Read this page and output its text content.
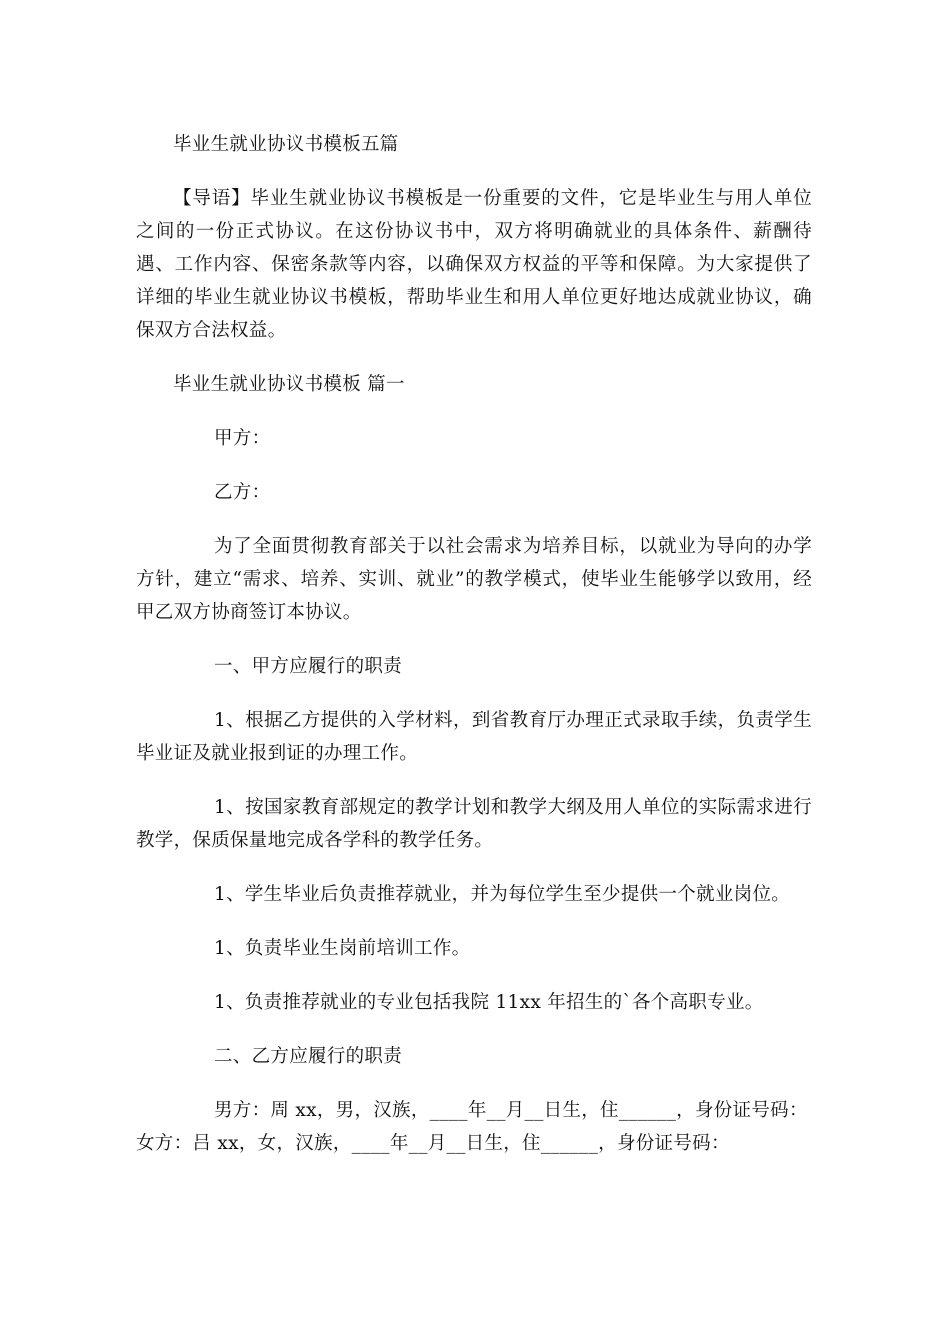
毕业生就业协议书模板五篇

【导语】毕业生就业协议书模板是一份重要的文件，它是毕业生与用人单位之间的一份正式协议。在这份协议书中，双方将明确就业的具体条件、薪酬待遇、工作内容、保密条款等内容，以确保双方权益的平等和保障。为大家提供了详细的毕业生就业协议书模板，帮助毕业生和用人单位更好地达成就业协议，确保双方合法权益。

毕业生就业协议书模板 篇一

甲方：

乙方：

为了全面贯彻教育部关于以社会需求为培养目标，以就业为导向的办学方针，建立“需求、培养、实训、就业”的教学模式，使毕业生能够学以致用，经甲乙双方协商签订本协议。

一、甲方应履行的职责

1、根据乙方提供的入学材料，到省教育厅办理正式录取手续，负责学生毕业证及就业报到证的办理工作。

1、按国家教育部规定的教学计划和教学大纲及用人单位的实际需求进行教学，保质保量地完成各学科的教学任务。

1、学生毕业后负责推荐就业，并为每位学生至少提供一个就业岗位。

1、负责毕业生岗前培训工作。

1、负责推荐就业的专业包括我院 11xx 年招生的`各个高职专业。

二、乙方应履行的职责

男方：周 xx，男，汉族，____年__月__日生，住______，身份证号码：

女方：吕 xx，女，汉族，____年__月__日生，住______，身份证号码：
